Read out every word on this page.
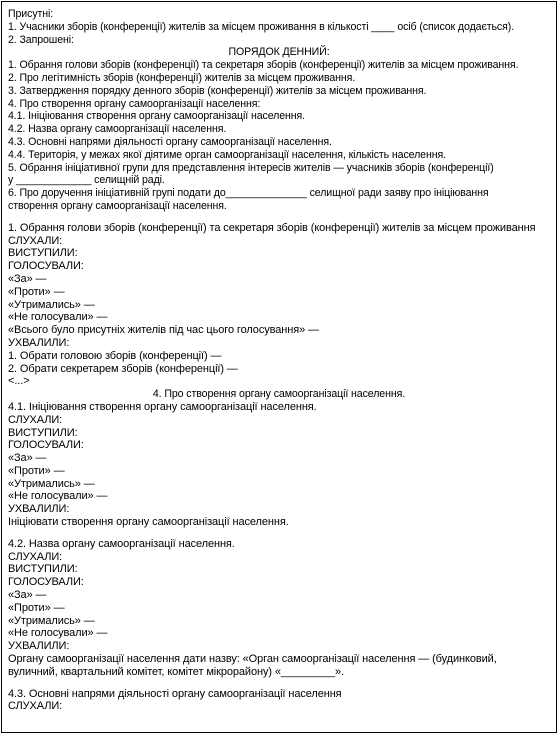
Присутні:
1. Учасники зборів (конференції) жителів за місцем проживання в кількості ____ осіб (список додається).
2. Запрошені:
ПОРЯДОК ДЕННИЙ:
1. Обрання голови зборів (конференції) та секретаря зборів (конференції) жителів за місцем проживання.
2. Про легітимність зборів (конференції) жителів за місцем проживання.
3. Затвердження порядку денного зборів (конференції) жителів за місцем проживання.
4. Про створення органу самоорганізації населення:
4.1. Ініціювання створення органу самоорганізації населення.
4.2. Назва органу самоорганізації населення.
4.3. Основні напрями діяльності органу самоорганізації населення.
4.4. Територія, у межах якої діятиме орган самоорганізації населення, кількість населення.
5. Обрання ініціативної групи для представлення інтересів жителів — учасників зборів (конференції)
у _____________ селищній раді.
6. Про доручення ініціативній групі подати до______________ селищної ради заяву про ініціювання
створення органу самоорганізації населення.
1. Обрання голови зборів (конференції) та секретаря зборів (конференції) жителів за місцем проживання
СЛУХАЛИ:
ВИСТУПИЛИ:
ГОЛОСУВАЛИ:
«За» —
«Проти» —
«Утримались» —
«Не голосували» —
«Всього було присутніх жителів під час цього голосування» —
УХВАЛИЛИ:
1. Обрати головою зборів (конференції) —
2. Обрати секретарем зборів (конференції) —
<...>
4. Про створення органу самоорганізації населення.
4.1. Ініціювання створення органу самоорганізації населення.
СЛУХАЛИ:
ВИСТУПИЛИ:
ГОЛОСУВАЛИ:
«За» —
«Проти» —
«Утримались» —
«Не голосували» —
УХВАЛИЛИ:
Ініціювати створення органу самоорганізації населення.
4.2. Назва органу самоорганізації населення.
СЛУХАЛИ:
ВИСТУПИЛИ:
ГОЛОСУВАЛИ:
«За» —
«Проти» —
«Утримались» —
«Не голосували» —
УХВАЛИЛИ:
Органу самоорганізації населення дати назву: «Орган самоорганізації населення — (будинковий,
вуличний, квартальний комітет, комітет мікрорайону) «_________».
4.3. Основні напрями діяльності органу самоорганізації населення
СЛУХАЛИ:
